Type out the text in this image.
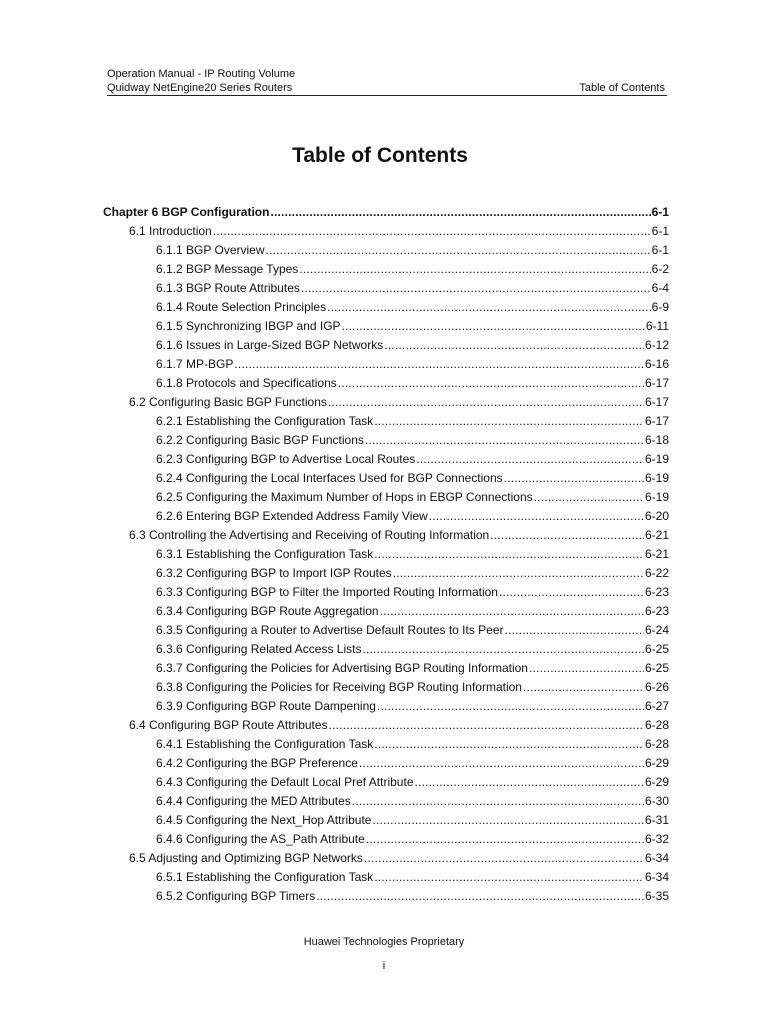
Operation Manual - IP Routing Volume
Quidway NetEngine20 Series Routers	Table of Contents
Table of Contents
Chapter 6 BGP Configuration .....	6-1
6.1 Introduction .....	6-1
6.1.1 BGP Overview .....	6-1
6.1.2 BGP Message Types .....	6-2
6.1.3 BGP Route Attributes .....	6-4
6.1.4 Route Selection Principles .....	6-9
6.1.5 Synchronizing IBGP and IGP .....	6-11
6.1.6 Issues in Large-Sized BGP Networks .....	6-12
6.1.7 MP-BGP .....	6-16
6.1.8 Protocols and Specifications .....	6-17
6.2 Configuring Basic BGP Functions .....	6-17
6.2.1 Establishing the Configuration Task .....	6-17
6.2.2 Configuring Basic BGP Functions .....	6-18
6.2.3 Configuring BGP to Advertise Local Routes .....	6-19
6.2.4 Configuring the Local Interfaces Used for BGP Connections .....	6-19
6.2.5 Configuring the Maximum Number of Hops in EBGP Connections .....	6-19
6.2.6 Entering BGP Extended Address Family View .....	6-20
6.3 Controlling the Advertising and Receiving of Routing Information .....	6-21
6.3.1 Establishing the Configuration Task .....	6-21
6.3.2 Configuring BGP to Import IGP Routes .....	6-22
6.3.3 Configuring BGP to Filter the Imported Routing Information .....	6-23
6.3.4 Configuring BGP Route Aggregation .....	6-23
6.3.5 Configuring a Router to Advertise Default Routes to Its Peer .....	6-24
6.3.6 Configuring Related Access Lists .....	6-25
6.3.7 Configuring the Policies for Advertising BGP Routing Information .....	6-25
6.3.8 Configuring the Policies for Receiving BGP Routing Information .....	6-26
6.3.9 Configuring BGP Route Dampening .....	6-27
6.4 Configuring BGP Route Attributes .....	6-28
6.4.1 Establishing the Configuration Task .....	6-28
6.4.2 Configuring the BGP Preference .....	6-29
6.4.3 Configuring the Default Local Pref Attribute .....	6-29
6.4.4 Configuring the MED Attributes .....	6-30
6.4.5 Configuring the Next_Hop Attribute .....	6-31
6.4.6 Configuring the AS_Path Attribute .....	6-32
6.5 Adjusting and Optimizing BGP Networks .....	6-34
6.5.1 Establishing the Configuration Task .....	6-34
6.5.2 Configuring BGP Timers .....	6-35
Huawei Technologies Proprietary
i
